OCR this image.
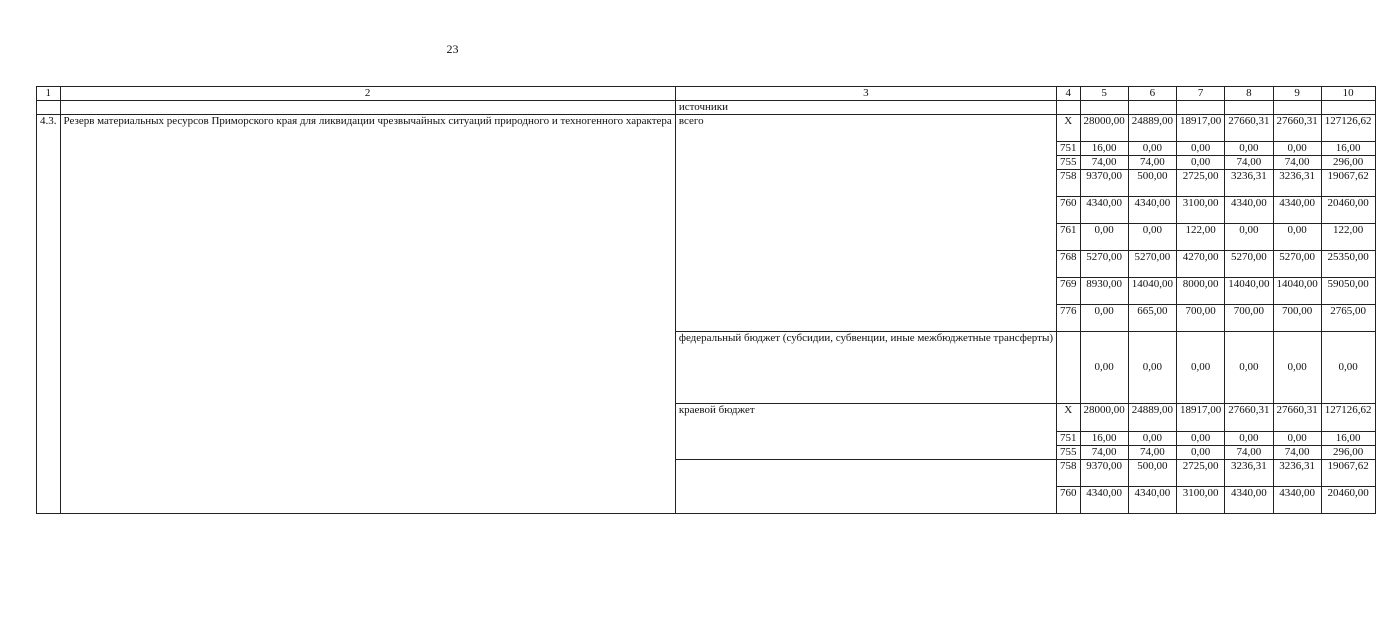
23
1	2	3	4	5	6	7	8	9	10
		источники							
4.3.	Резерв материальных ресурсов Приморского края для ликвидации чрезвычайных ситуаций природного и техногенного характера	всего	X	28000,00	24889,00	18917,00	27660,31	27660,31	127126,62
			751	16,00	0,00	0,00	0,00	0,00	16,00
			755	74,00	74,00	0,00	74,00	74,00	296,00
			758	9370,00	500,00	2725,00	3236,31	3236,31	19067,62
			760	4340,00	4340,00	3100,00	4340,00	4340,00	20460,00
			761	0,00	0,00	122,00	0,00	0,00	122,00
			768	5270,00	5270,00	4270,00	5270,00	5270,00	25350,00
			769	8930,00	14040,00	8000,00	14040,00	14040,00	59050,00
			776	0,00	665,00	700,00	700,00	700,00	2765,00
		федеральный бюджет (субсидии, субвенции, иные межбюджетные трансферты)		0,00	0,00	0,00	0,00	0,00	0,00
		краевой бюджет	X	28000,00	24889,00	18917,00	27660,31	27660,31	127126,62
			751	16,00	0,00	0,00	0,00	0,00	16,00
			755	74,00	74,00	0,00	74,00	74,00	296,00
			758	9370,00	500,00	2725,00	3236,31	3236,31	19067,62
			760	4340,00	4340,00	3100,00	4340,00	4340,00	20460,00
